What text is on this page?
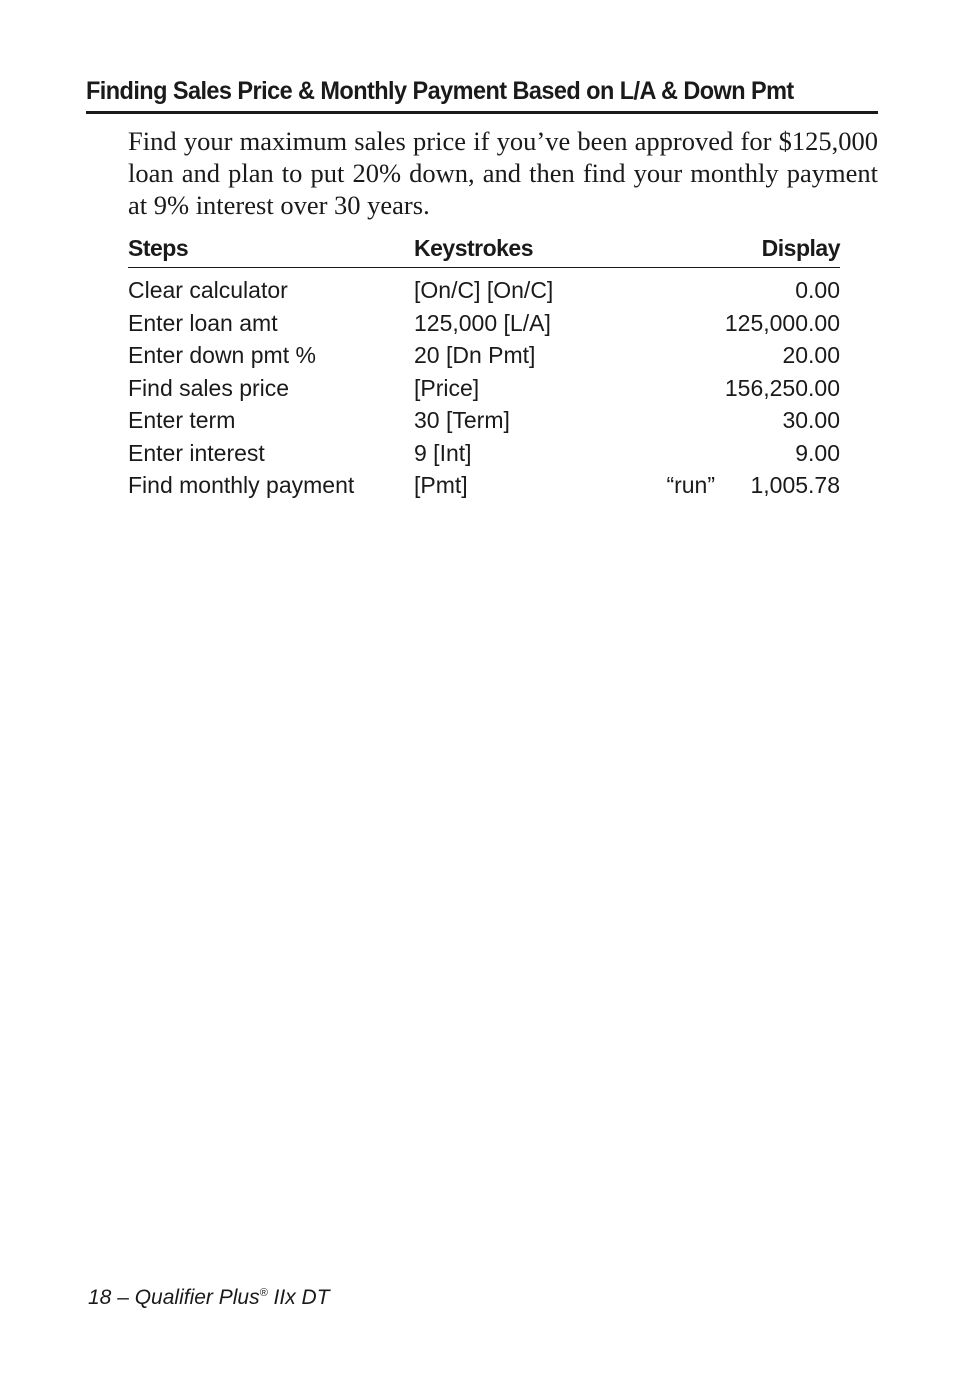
Finding Sales Price & Monthly Payment Based on L/A & Down Pmt

Find your maximum sales price if you’ve been approved for $125,000 loan and plan to put 20% down, and then find your monthly payment at 9% interest over 30 years.

Steps	Keystrokes	Display
Clear calculator	[On/C] [On/C]	0.00
Enter loan amt	125,000 [L/A]	125,000.00
Enter down pmt %	20 [Dn Pmt]	20.00
Find sales price	[Price]	156,250.00
Enter term	30 [Term]	30.00
Enter interest	9 [Int]	9.00
Find monthly payment	[Pmt]	“run” 1,005.78
18 – Qualifier Plus® IIx DT
